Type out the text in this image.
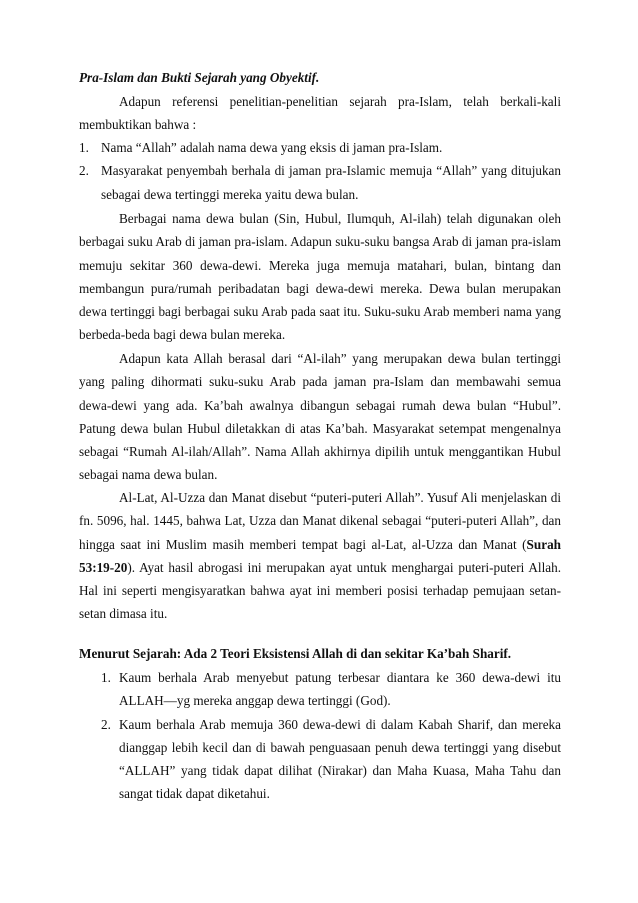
Pra-Islam dan Bukti Sejarah yang Obyektif.

Adapun referensi penelitian-penelitian sejarah pra-Islam, telah berkali-kali membuktikan bahwa :

1. Nama “Allah” adalah nama dewa yang eksis di jaman pra-Islam.
2. Masyarakat penyembah berhala di jaman pra-Islamic memuja “Allah” yang ditujukan sebagai dewa tertinggi mereka yaitu dewa bulan.

Berbagai nama dewa bulan (Sin, Hubul, Ilumquh, Al-ilah) telah digunakan oleh berbagai suku Arab di jaman pra-islam. Adapun suku-suku bangsa Arab di jaman pra-islam memuju sekitar 360 dewa-dewi. Mereka juga memuja matahari, bulan, bintang dan membangun pura/rumah peribadatan bagi dewa-dewi mereka. Dewa bulan merupakan dewa tertinggi bagi berbagai suku Arab pada saat itu. Suku-suku Arab memberi nama yang berbeda-beda bagi dewa bulan mereka.

Adapun kata Allah berasal dari “Al-ilah” yang merupakan dewa bulan tertinggi yang paling dihormati suku-suku Arab pada jaman pra-Islam dan membawahi semua dewa-dewi yang ada. Ka’bah awalnya dibangun sebagai rumah dewa bulan “Hubul”. Patung dewa bulan Hubul diletakkan di atas Ka’bah. Masyarakat setempat mengenalnya sebagai “Rumah Al-ilah/Allah”. Nama Allah akhirnya dipilih untuk menggantikan Hubul sebagai nama dewa bulan.

Al-Lat, Al-Uzza dan Manat disebut “puteri-puteri Allah”. Yusuf Ali menjelaskan di fn. 5096, hal. 1445, bahwa Lat, Uzza dan Manat dikenal sebagai “puteri-puteri Allah”, dan hingga saat ini Muslim masih memberi tempat bagi al-Lat, al-Uzza dan Manat (Surah 53:19-20). Ayat hasil abrogasi ini merupakan ayat untuk menghargai puteri-puteri Allah. Hal ini seperti mengisyaratkan bahwa ayat ini memberi posisi terhadap pemujaan setan-setan dimasa itu.

Menurut Sejarah: Ada 2 Teori Eksistensi Allah di dan sekitar Ka’bah Sharif.
1. Kaum berhala Arab menyebut patung terbesar diantara ke 360 dewa-dewi itu ALLAH—yg mereka anggap dewa tertinggi (God).
2. Kaum berhala Arab memuja 360 dewa-dewi di dalam Kabah Sharif, dan mereka dianggap lebih kecil dan di bawah penguasaan penuh dewa tertinggi yang disebut “ALLAH” yang tidak dapat dilihat (Nirakar) dan Maha Kuasa, Maha Tahu dan sangat tidak dapat diketahui.
